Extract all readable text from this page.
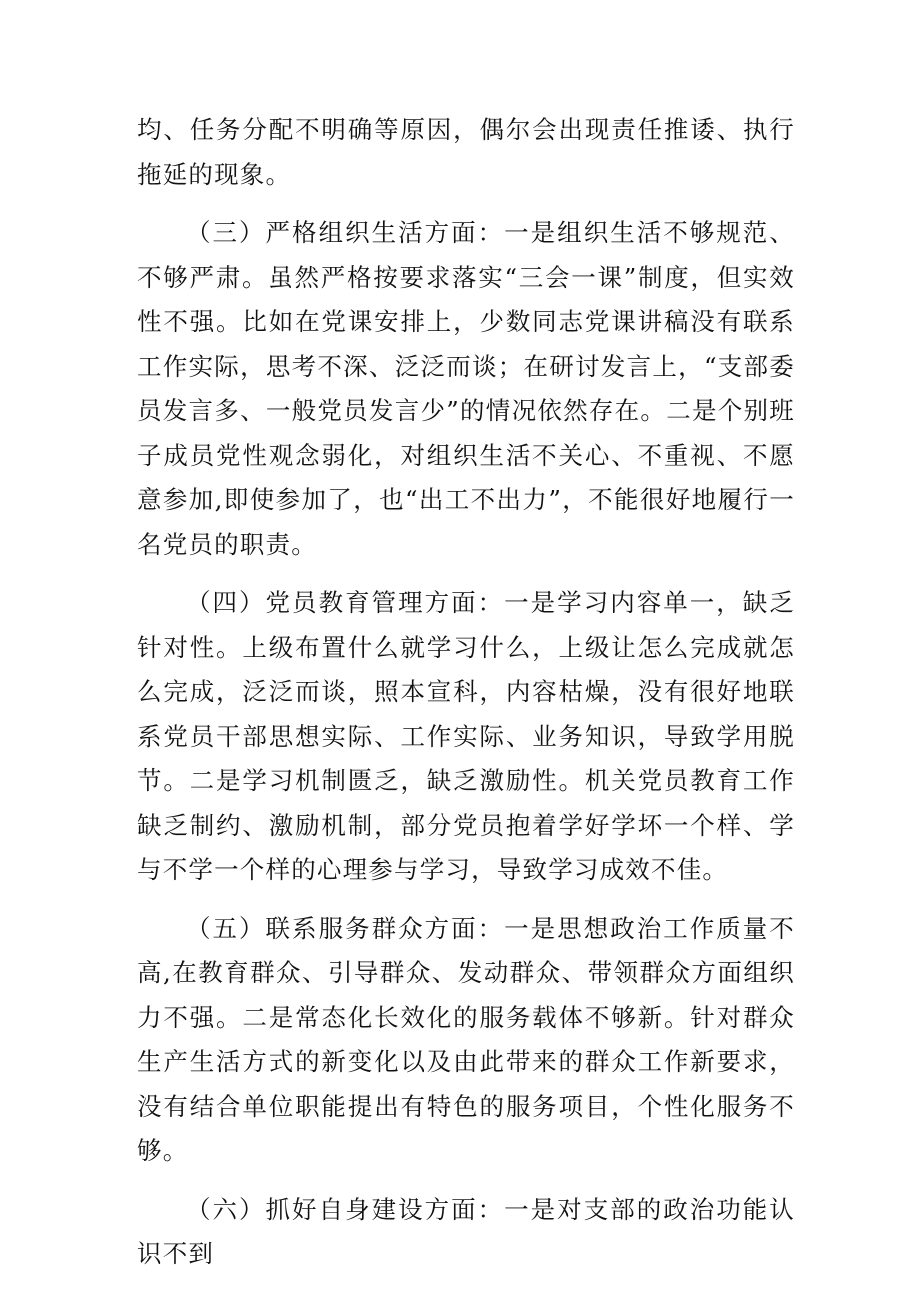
均、任务分配不明确等原因，偶尔会出现责任推诿、执行拖延的现象。

（三）严格组织生活方面：一是组织生活不够规范、不够严肃。虽然严格按要求落实“三会一课”制度，但实效性不强。比如在党课安排上，少数同志党课讲稿没有联系工作实际，思考不深、泛泛而谈；在研讨发言上，“支部委员发言多、一般党员发言少”的情况依然存在。二是个别班子成员党性观念弱化，对组织生活不关心、不重视、不愿意参加,即使参加了，也“出工不出力”，不能很好地履行一名党员的职责。

（四）党员教育管理方面：一是学习内容单一，缺乏针对性。上级布置什么就学习什么，上级让怎么完成就怎么完成，泛泛而谈，照本宣科，内容枯燥，没有很好地联系党员干部思想实际、工作实际、业务知识，导致学用脱节。二是学习机制匮乏，缺乏激励性。机关党员教育工作缺乏制约、激励机制，部分党员抱着学好学坏一个样、学与不学一个样的心理参与学习，导致学习成效不佳。

（五）联系服务群众方面：一是思想政治工作质量不高,在教育群众、引导群众、发动群众、带领群众方面组织力不强。二是常态化长效化的服务载体不够新。针对群众生产生活方式的新变化以及由此带来的群众工作新要求，没有结合单位职能提出有特色的服务项目，个性化服务不够。

（六）抓好自身建设方面：一是对支部的政治功能认识不到
